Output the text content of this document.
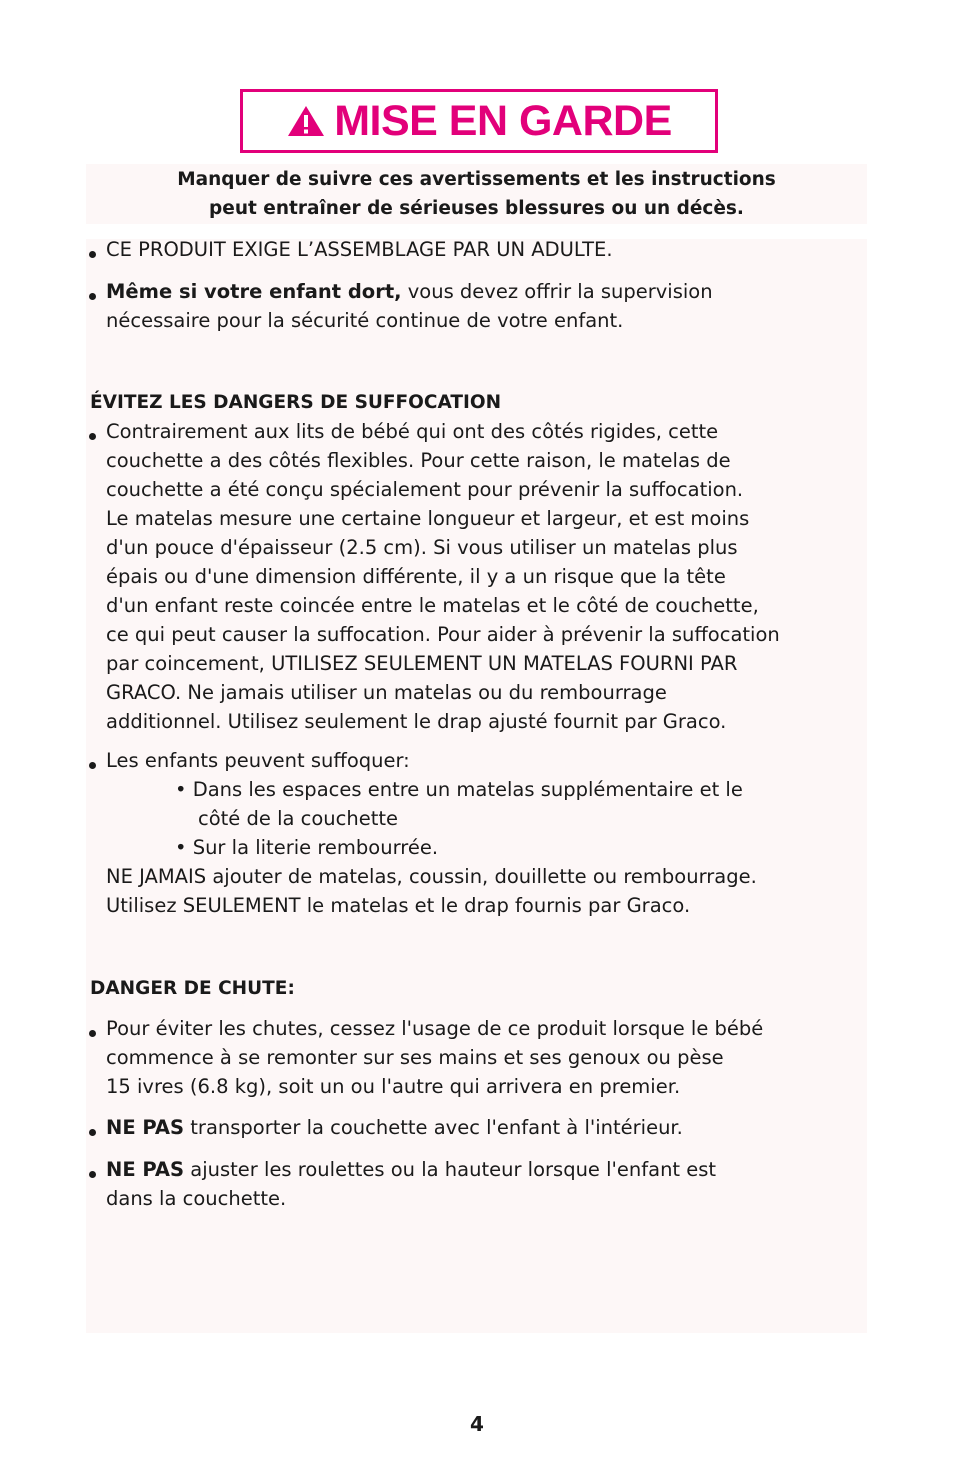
MISE EN GARDE
Manquer de suivre ces avertissements et les instructions
peut entraîner de sérieuses blessures ou un décès.
CE PRODUIT EXIGE L’ASSEMBLAGE PAR UN ADULTE.
Même si votre enfant dort, vous devez offrir la supervision
nécessaire pour la sécurité continue de votre enfant.
ÉVITEZ LES DANGERS DE SUFFOCATION
Contrairement aux lits de bébé qui ont des côtés rigides, cette
couchette a des côtés flexibles. Pour cette raison, le matelas de
couchette a été conçu spécialement pour prévenir la suffocation.
Le matelas mesure une certaine longueur et largeur, et est moins
d'un pouce d'épaisseur (2.5 cm). Si vous utiliser un matelas plus
épais ou d'une dimension différente, il y a un risque que la tête
d'un enfant reste coincée entre le matelas et le côté de couchette,
ce qui peut causer la suffocation. Pour aider à prévenir la suffocation
par coincement, UTILISEZ SEULEMENT UN MATELAS FOURNI PAR
GRACO. Ne jamais utiliser un matelas ou du rembourrage
additionnel. Utilisez seulement le drap ajusté fournit par Graco.
Les enfants peuvent suffoquer:
• Dans les espaces entre un matelas supplémentaire et le
côté de la couchette
• Sur la literie rembourrée.
NE JAMAIS ajouter de matelas, coussin, douillette ou rembourrage.
Utilisez SEULEMENT le matelas et le drap fournis par Graco.
DANGER DE CHUTE:
Pour éviter les chutes, cessez l'usage de ce produit lorsque le bébé
commence à se remonter sur ses mains et ses genoux ou pèse
15 ivres (6.8 kg), soit un ou l'autre qui arrivera en premier.
NE PAS transporter la couchette avec l'enfant à l'intérieur.
NE PAS ajuster les roulettes ou la hauteur lorsque l'enfant est
dans la couchette.
4
